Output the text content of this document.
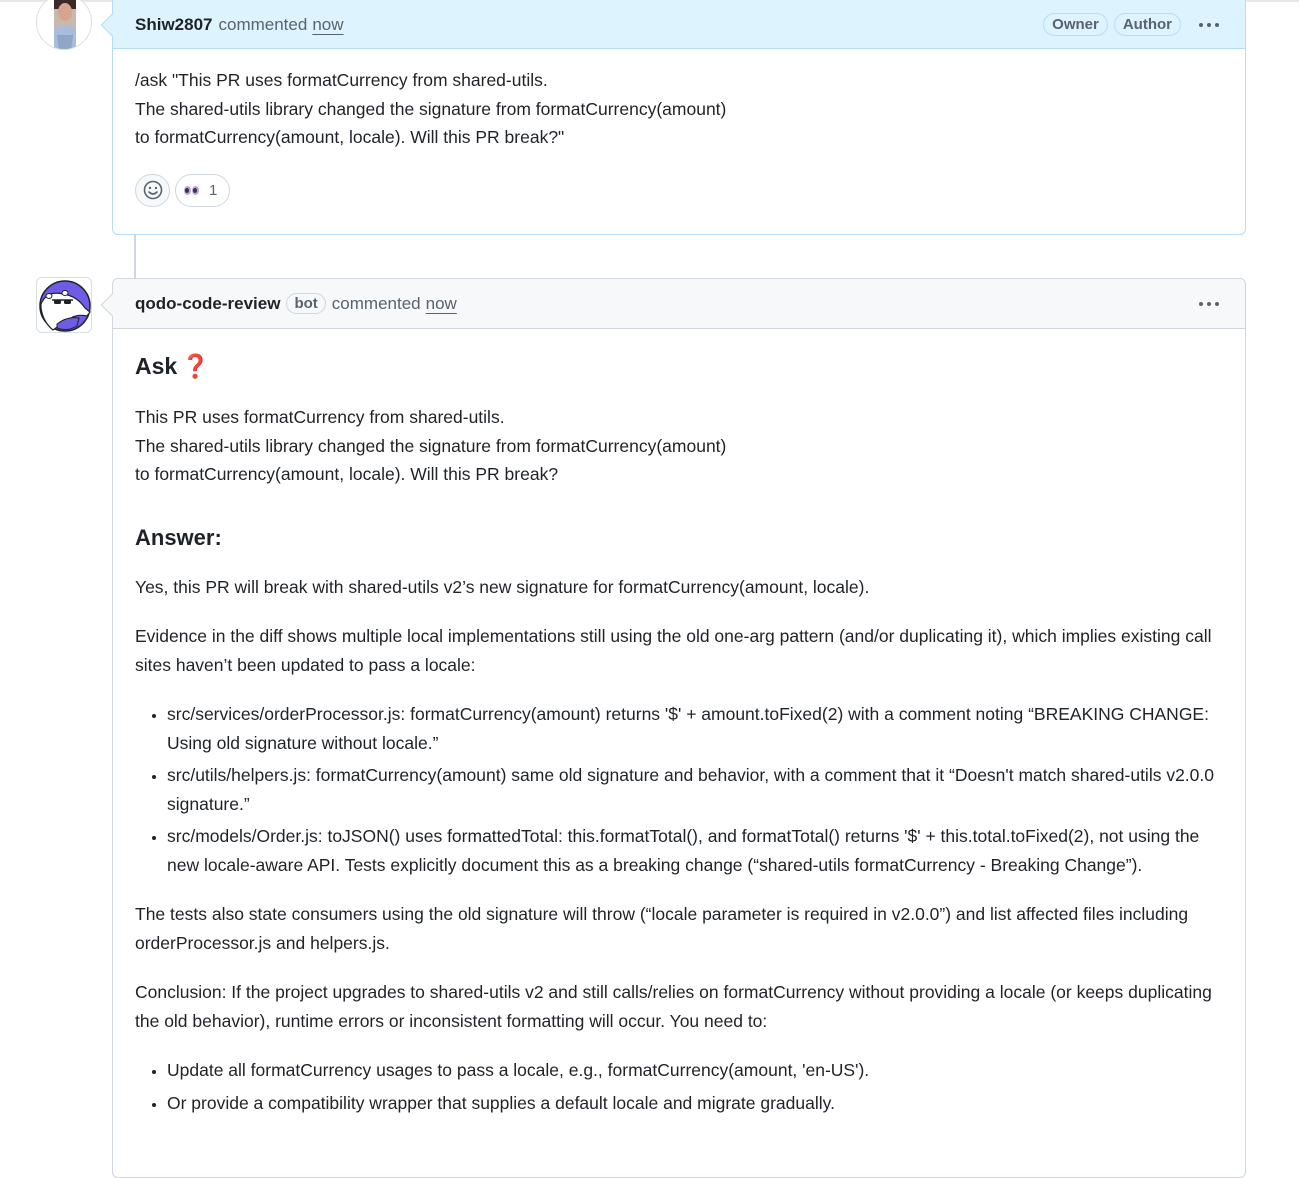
Shiw2807 commented now	Owner	Author

/ask "This PR uses formatCurrency from shared-utils.

The shared-utils library changed the signature from formatCurrency(amount)

to formatCurrency(amount, locale). Will this PR break?"

1
qodo-code-review bot commented now
Ask ❓

This PR uses formatCurrency from shared-utils.

The shared-utils library changed the signature from formatCurrency(amount)

to formatCurrency(amount, locale). Will this PR break?

Answer:

Yes, this PR will break with shared-utils v2’s new signature for formatCurrency(amount, locale).

Evidence in the diff shows multiple local implementations still using the old one-arg pattern (and/or duplicating it), which implies existing call sites haven’t been updated to pass a locale:

• src/services/orderProcessor.js: formatCurrency(amount) returns '$' + amount.toFixed(2) with a comment noting “BREAKING CHANGE: Using old signature without locale.”
• src/utils/helpers.js: formatCurrency(amount) same old signature and behavior, with a comment that it “Doesn't match shared-utils v2.0.0 signature.”
• src/models/Order.js: toJSON() uses formattedTotal: this.formatTotal(), and formatTotal() returns '$' + this.total.toFixed(2), not using the new locale-aware API. Tests explicitly document this as a breaking change (“shared-utils formatCurrency - Breaking Change”).

The tests also state consumers using the old signature will throw (“locale parameter is required in v2.0.0”) and list affected files including orderProcessor.js and helpers.js.

Conclusion: If the project upgrades to shared-utils v2 and still calls/relies on formatCurrency without providing a locale (or keeps duplicating the old behavior), runtime errors or inconsistent formatting will occur. You need to:

• Update all formatCurrency usages to pass a locale, e.g., formatCurrency(amount, 'en-US').
• Or provide a compatibility wrapper that supplies a default locale and migrate gradually.
